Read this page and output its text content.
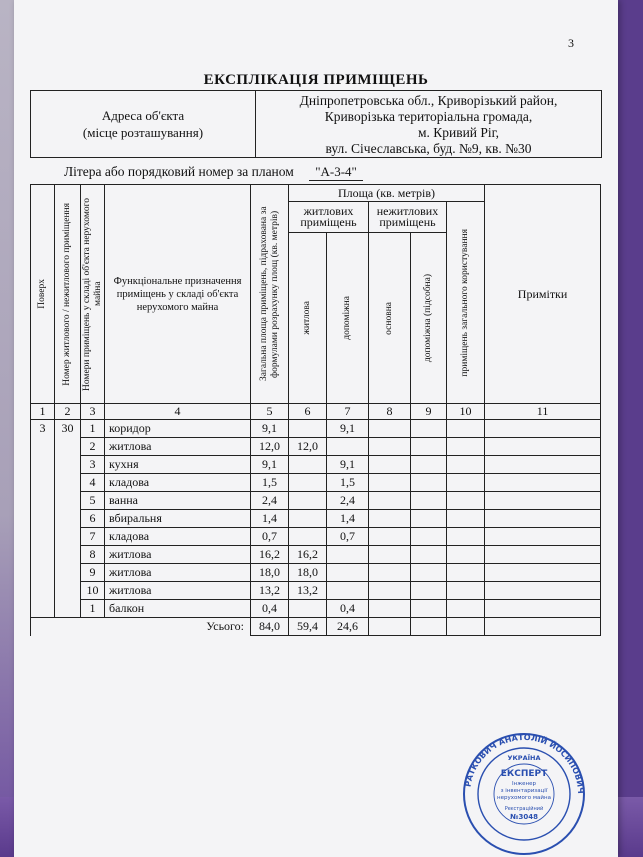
3
ЕКСПЛІКАЦІЯ ПРИМІЩЕНЬ
Адреса об'єкта
(місце розташування)
Дніпропетровська обл., Криворізький район,
Криворізька територіальна громада,
м. Кривий Ріг,
вул. Січеславська, буд. №9, кв. №30
Літера або порядковий номер за планом "А-3-4"
Поверх	Номер житлового / нежитлового приміщення	Номери приміщень у складі об'єкта нерухомого майна	Функціональне призначення приміщень у складі об'єкта нерухомого майна	Загальна площа приміщень, підрахована за формулами розрахунку площ (кв. метрів)	Площа (кв. метрів)					Примітки
					житлових приміщень		нежитлових приміщень		приміщень загального користування	

					житлова	допоміжна	основна	допоміжна (підсобна)		

1	2	3	4	5	6	7	8	9	10	11
3	30	1	коридор	9,1		9,1				
		2	житлова	12,0	12,0					
		3	кухня	9,1		9,1				
		4	кладова	1,5		1,5				
		5	ванна	2,4		2,4				
		6	вбиральня	1,4		1,4				
		7	кладова	0,7		0,7				
		8	житлова	16,2	16,2					
		9	житлова	18,0	18,0					
		10	житлова	13,2	13,2					
		1	балкон	0,4		0,4				
Усього:				84,0	59,4	24,6				
РАТКОВИЧ АНАТОЛІЙ ЙОСИПОВИЧ
УКРАЇНА
ЕКСПЕРТ
Інженер
з інвентаризації
нерухомого майна
Реєстраційний
№3048
